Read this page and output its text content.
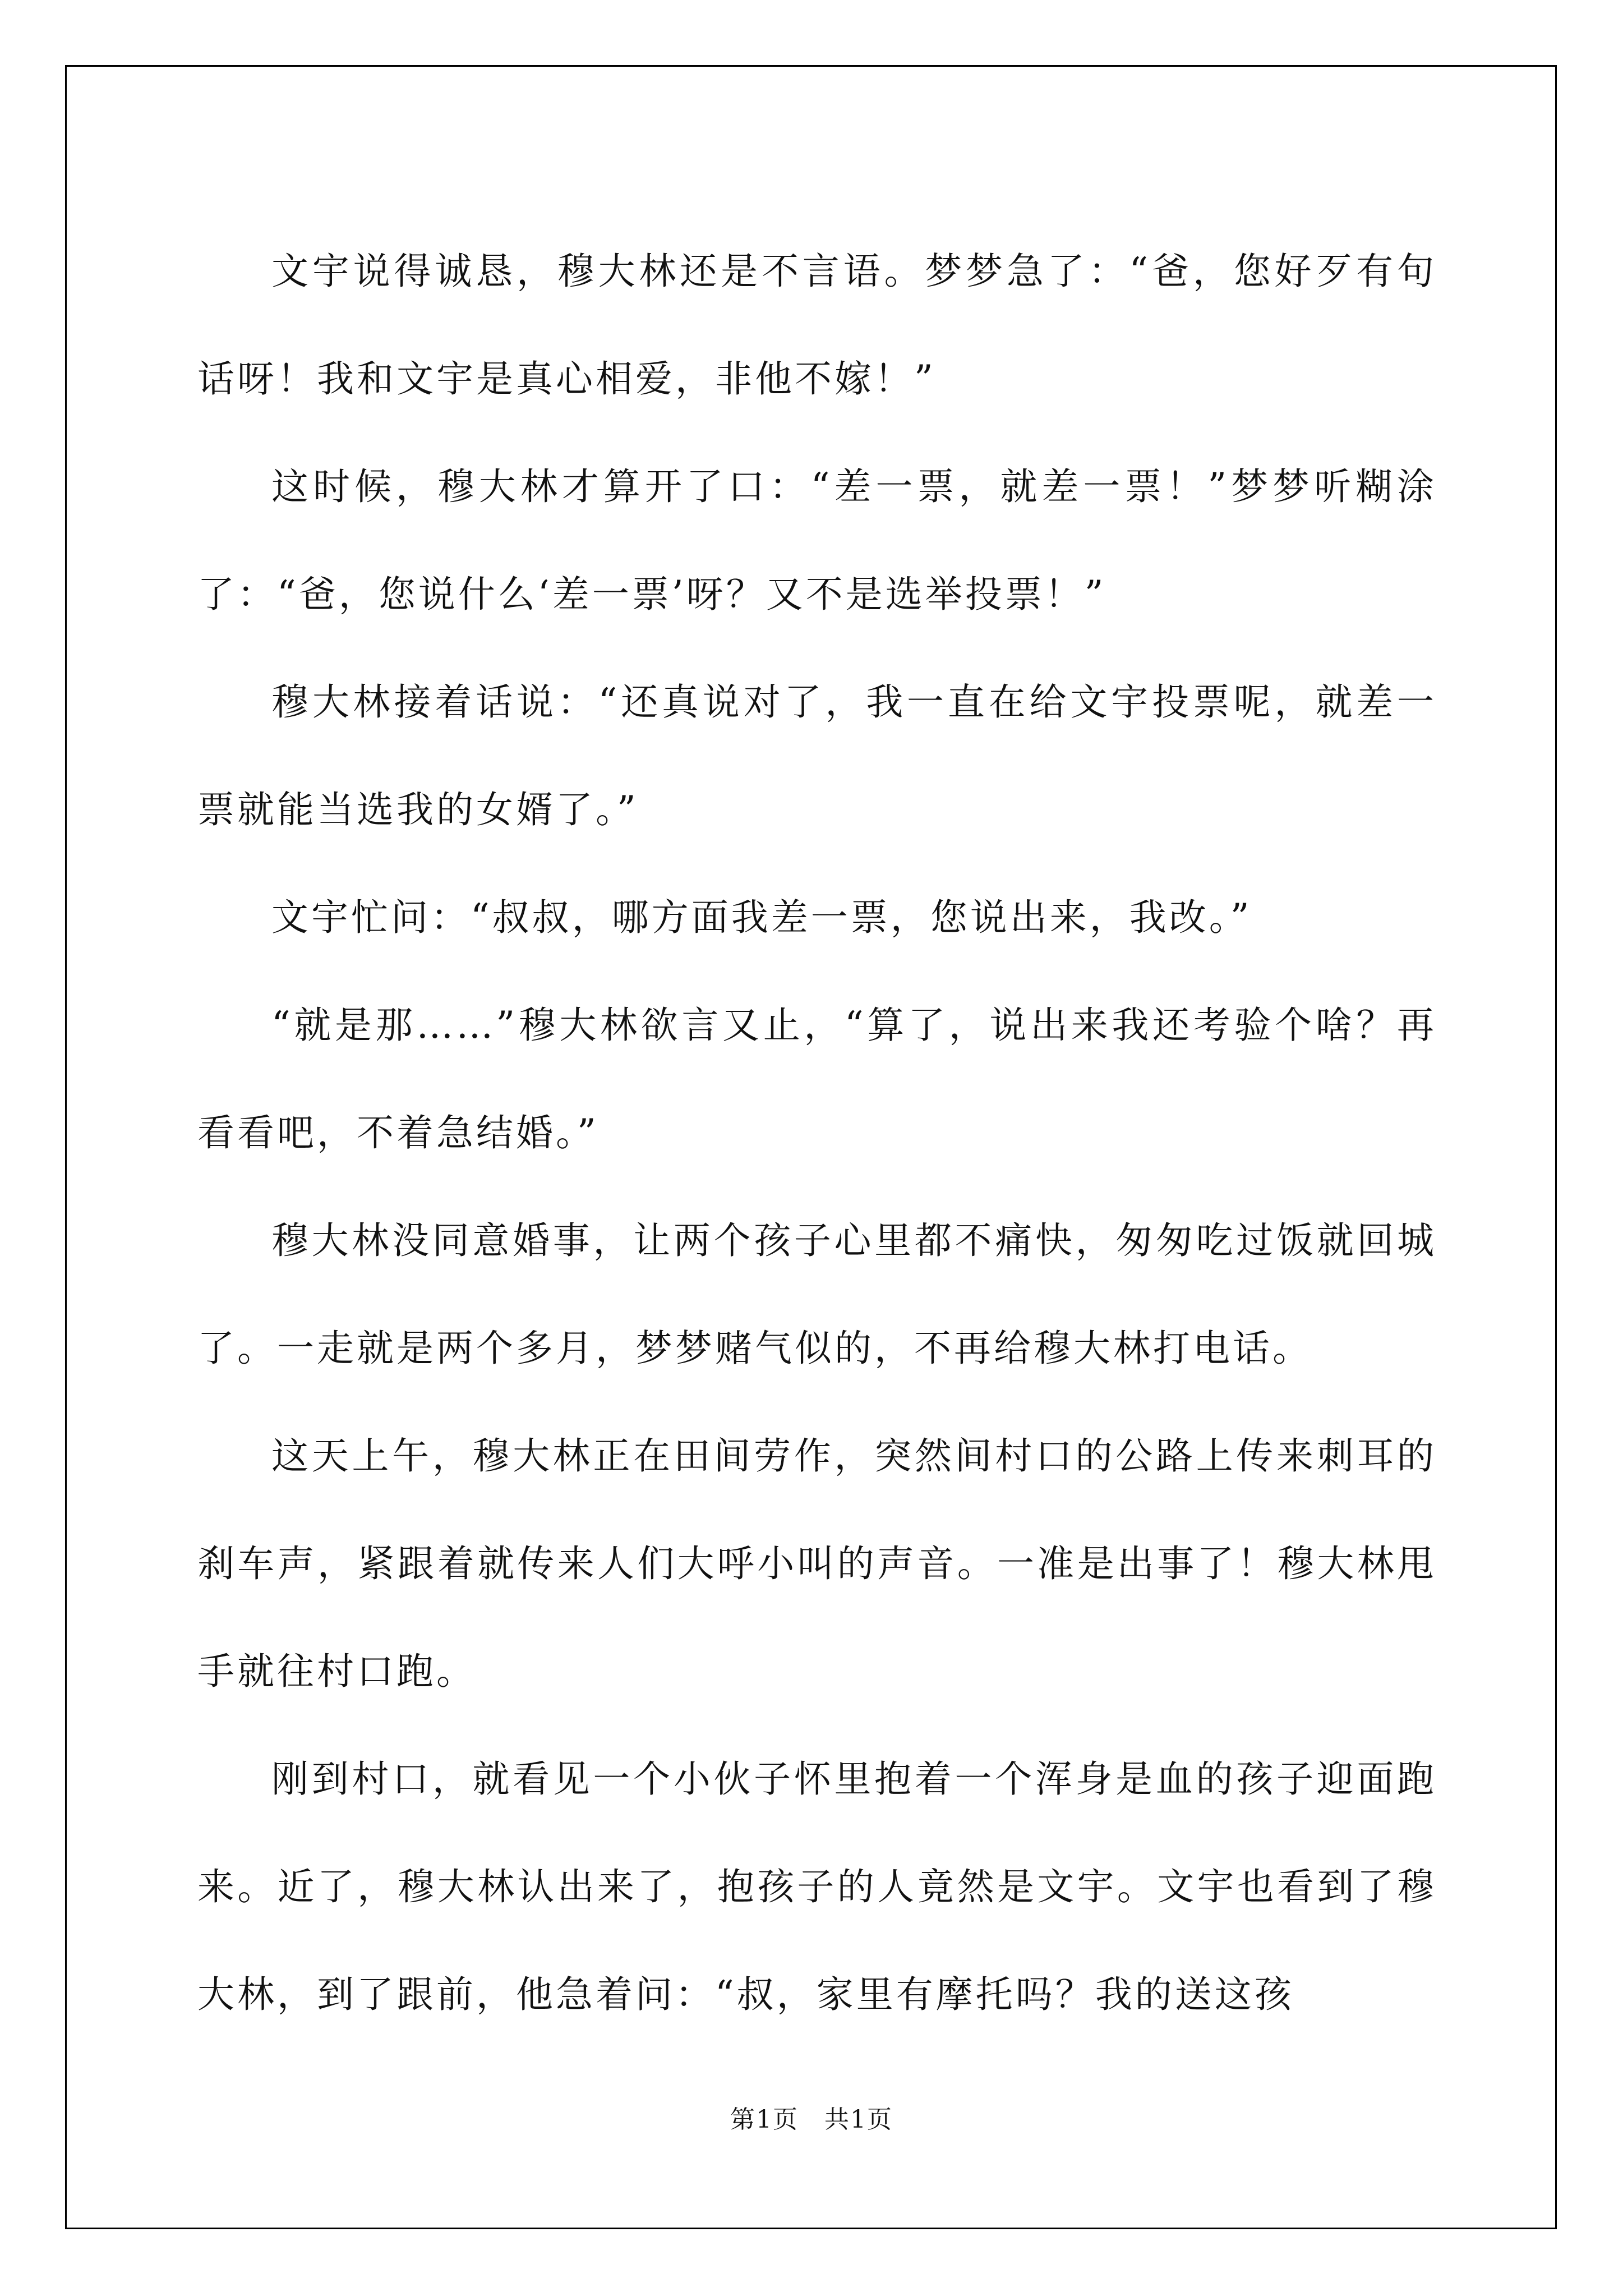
文宇说得诚恳，穆大林还是不言语。梦梦急了：“爸，您好歹有句话呀！我和文宇是真心相爱，非他不嫁！”

这时候，穆大林才算开了口：“差一票，就差一票！”梦梦听糊涂了：“爸，您说什么‘差一票’呀？又不是选举投票！”

穆大林接着话说：“还真说对了，我一直在给文宇投票呢，就差一票就能当选我的女婿了。”

文宇忙问：“叔叔，哪方面我差一票，您说出来，我改。”

“就是那……”穆大林欲言又止，“算了，说出来我还考验个啥？再看看吧，不着急结婚。”

穆大林没同意婚事，让两个孩子心里都不痛快，匆匆吃过饭就回城了。一走就是两个多月，梦梦赌气似的，不再给穆大林打电话。

这天上午，穆大林正在田间劳作，突然间村口的公路上传来刺耳的刹车声，紧跟着就传来人们大呼小叫的声音。一准是出事了！穆大林甩手就往村口跑。

刚到村口，就看见一个小伙子怀里抱着一个浑身是血的孩子迎面跑来。近了，穆大林认出来了，抱孩子的人竟然是文宇。文宇也看到了穆大林，到了跟前，他急着问：“叔，家里有摩托吗？我的送这孩

第1页　共1页
